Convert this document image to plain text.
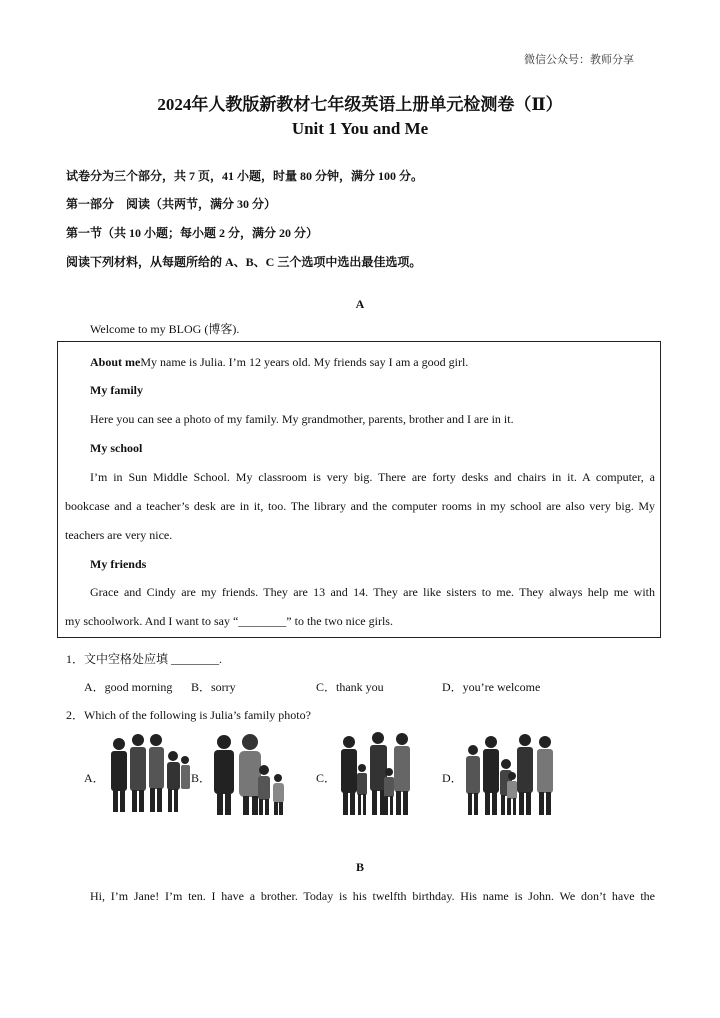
微信公众号：教师分享
2024年人教版新教材七年级英语上册单元检测卷（Ⅱ）
Unit 1 You and Me
试卷分为三个部分，共 7 页，41 小题，时量 80 分钟，满分 100 分。
第一部分　阅读（共两节，满分 30 分）
第一节（共 10 小题；每小题 2 分，满分 20 分）
阅读下列材料，从每题所给的 A、B、C 三个选项中选出最佳选项。
A
Welcome to my BLOG (博客).
About meMy name is Julia. I’m 12 years old. My friends say I am a good girl.
My family
Here you can see a photo of my family. My grandmother, parents, brother and I are in it.
My school
I’m in Sun Middle School. My classroom is very big. There are forty desks and chairs in it. A computer, a
bookcase and a teacher’s desk are in it, too. The library and the computer rooms in my school are also very big. My
teachers are very nice.
My friends
Grace and Cindy are my friends. They are 13 and 14. They are like sisters to me. They always help me with
my schoolwork. And I want to say “________” to the two nice girls.
1．文中空格处应填 ________.
A．good morning B．sorry	C．thank you	D．you’re welcome
2．Which of the following is Julia’s family photo?
A．	B．	C．	D．
B
Hi, I’m Jane! I’m ten. I have a brother. Today is his twelfth birthday. His name is John. We don’t have the
